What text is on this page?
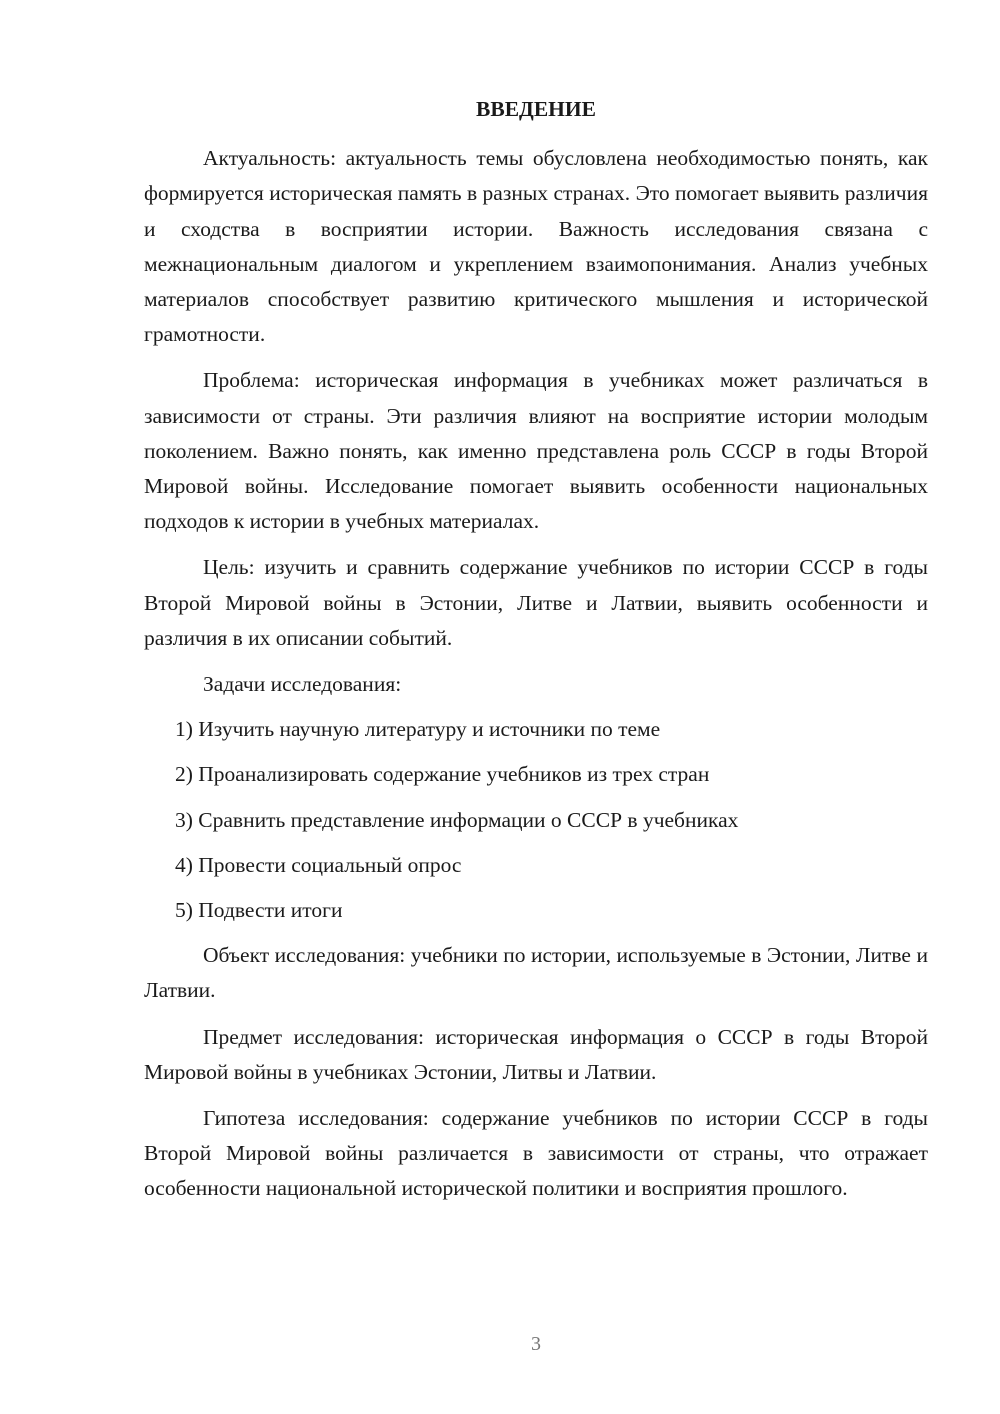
ВВЕДЕНИЕ

Актуальность: актуальность темы обусловлена необходимостью понять, как формируется историческая память в разных странах. Это помогает выявить различия и сходства в восприятии истории. Важность исследования связана с межнациональным диалогом и укреплением взаимопонимания. Анализ учебных материалов способствует развитию критического мышления и исторической грамотности.

Проблема: историческая информация в учебниках может различаться в зависимости от страны. Эти различия влияют на восприятие истории молодым поколением. Важно понять, как именно представлена роль СССР в годы Второй Мировой войны. Исследование помогает выявить особенности национальных подходов к истории в учебных материалах.

Цель: изучить и сравнить содержание учебников по истории СССР в годы Второй Мировой войны в Эстонии, Литве и Латвии, выявить особенности и различия в их описании событий.

Задачи исследования:

1) Изучить научную литературу и источники по теме
2) Проанализировать содержание учебников из трех стран
3) Сравнить представление информации о СССР в учебниках
4) Провести социальный опрос
5) Подвести итоги

Объект исследования: учебники по истории, используемые в Эстонии, Литве и Латвии.

Предмет исследования: историческая информация о СССР в годы Второй Мировой войны в учебниках Эстонии, Литвы и Латвии.

Гипотеза исследования: содержание учебников по истории СССР в годы Второй Мировой войны различается в зависимости от страны, что отражает особенности национальной исторической политики и восприятия прошлого.

3
